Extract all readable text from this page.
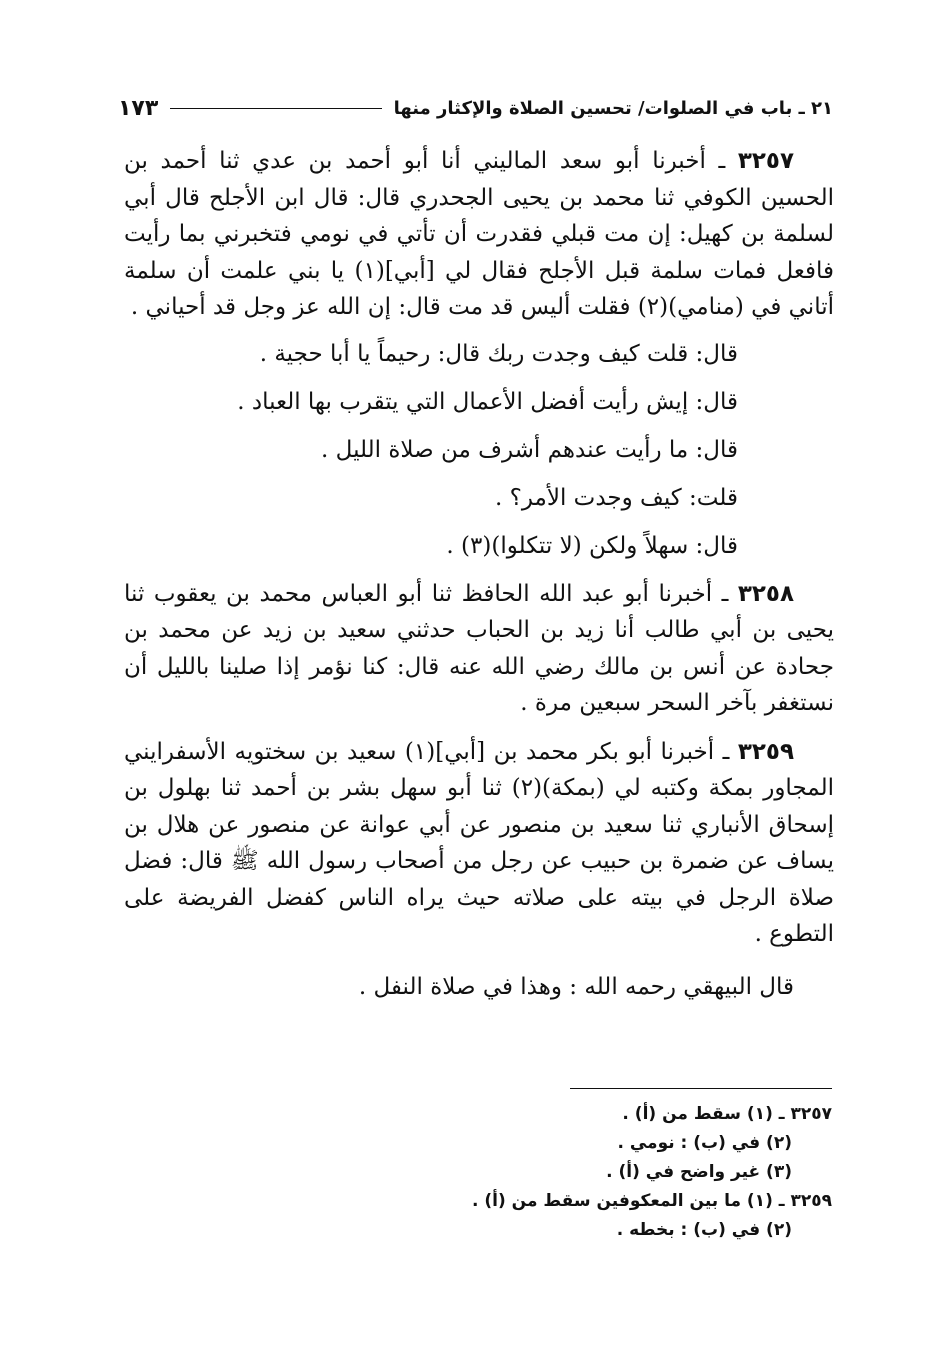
٢١ ـ باب في الصلوات/ تحسين الصلاة والإكثار منها
١٧٣

٣٢٥٧ ـ أخبرنا أبو سعد الماليني أنا أبو أحمد بن عدي ثنا أحمد بن الحسين الكوفي ثنا محمد بن يحيى الجحدري قال: قال ابن الأجلح قال أبي لسلمة بن كهيل: إن مت قبلي فقدرت أن تأتي في نومي فتخبرني بما رأيت فافعل فمات سلمة قبل الأجلح فقال لي [أبي](١) يا بني علمت أن سلمة أتاني في (منامي)(٢) فقلت أليس قد مت قال: إن الله عز وجل قد أحياني .

قال: قلت كيف وجدت ربك قال: رحيماً يا أبا حجية .
قال: إيش رأيت أفضل الأعمال التي يتقرب بها العباد .
قال: ما رأيت عندهم أشرف من صلاة الليل .
قلت: كيف وجدت الأمر؟ .
قال: سهلاً ولكن (لا تتكلوا)(٣) .

٣٢٥٨ ـ أخبرنا أبو عبد الله الحافظ ثنا أبو العباس محمد بن يعقوب ثنا يحيى بن أبي طالب أنا زيد بن الحباب حدثني سعيد بن زيد عن محمد بن جحادة عن أنس بن مالك رضي الله عنه قال: كنا نؤمر إذا صلينا بالليل أن نستغفر بآخر السحر سبعين مرة .

٣٢٥٩ ـ أخبرنا أبو بكر محمد بن [أبي](١) سعيد بن سختويه الأسفرايني المجاور بمكة وكتبه لي (بمكة)(٢) ثنا أبو سهل بشر بن أحمد ثنا بهلول بن إسحاق الأنباري ثنا سعيد بن منصور عن أبي عوانة عن منصور عن هلال بن يساف عن ضمرة بن حبيب عن رجل من أصحاب رسول الله ﷺ قال: فضل صلاة الرجل في بيته على صلاته حيث يراه الناس كفضل الفريضة على التطوع .

قال البيهقي رحمه الله : وهذا في صلاة النفل .
٣٢٥٧ ـ (١) سقط من (أ) .
(٢) في (ب) : نومي .
(٣) غير واضح في (أ) .
٣٢٥٩ ـ (١) ما بين المعكوفين سقط من (أ) .
(٢) في (ب) : بخطه .
